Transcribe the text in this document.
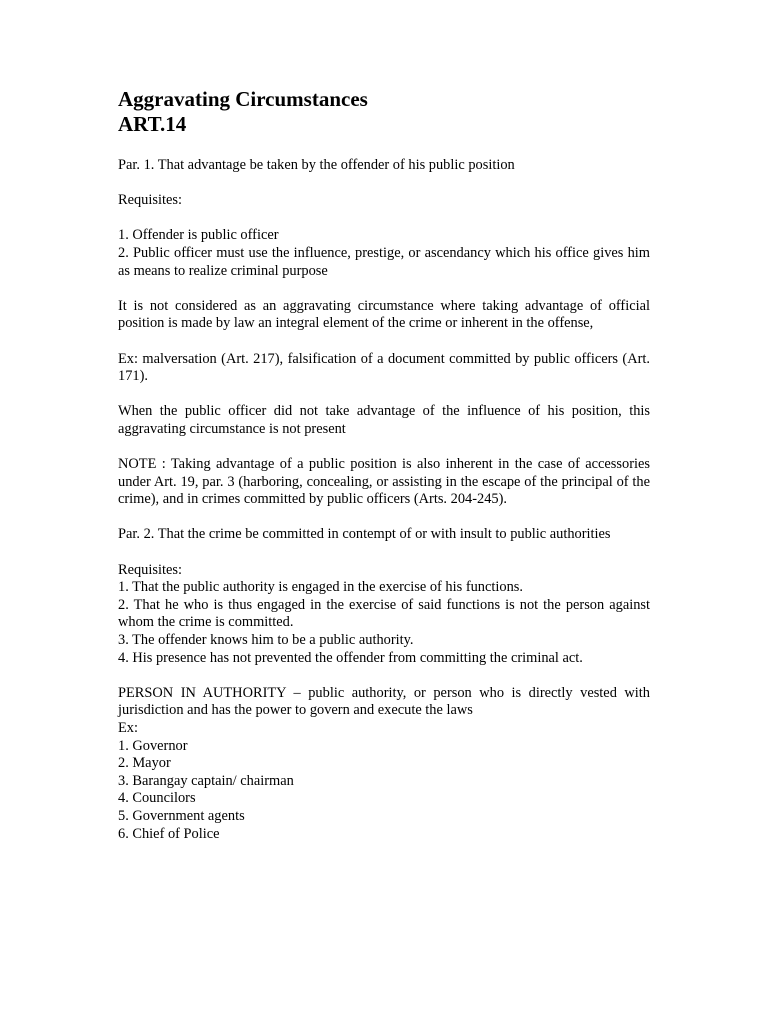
Aggravating Circumstances
ART.14

Par. 1. That advantage be taken by the offender of his public position

Requisites:

1. Offender is public officer

2. Public officer must use the influence, prestige, or ascendancy which his office gives him as means to realize criminal purpose

It is not considered as an aggravating circumstance where taking advantage of official position is made by law an integral element of the crime or inherent in the offense,

Ex: malversation (Art. 217), falsification of a document committed by public officers (Art. 171).

When the public officer did not take advantage of the influence of his position, this aggravating circumstance is not present

NOTE : Taking advantage of a public position is also inherent in the case of accessories under Art. 19, par. 3 (harboring, concealing, or assisting in the escape of the principal of the crime), and in crimes committed by public officers (Arts. 204-245).

Par. 2. That the crime be committed in contempt of or with insult to public authorities

Requisites:

1. That the public authority is engaged in the exercise of his functions.

2. That he who is thus engaged in the exercise of said functions is not the person against whom the crime is committed.

3. The offender knows him to be a public authority.

4. His presence has not prevented the offender from committing the criminal act.

PERSON IN AUTHORITY – public authority, or person who is directly vested with jurisdiction and has the power to govern and execute the laws

Ex:

1. Governor

2. Mayor

3. Barangay captain/ chairman

4. Councilors

5. Government agents

6. Chief of Police
